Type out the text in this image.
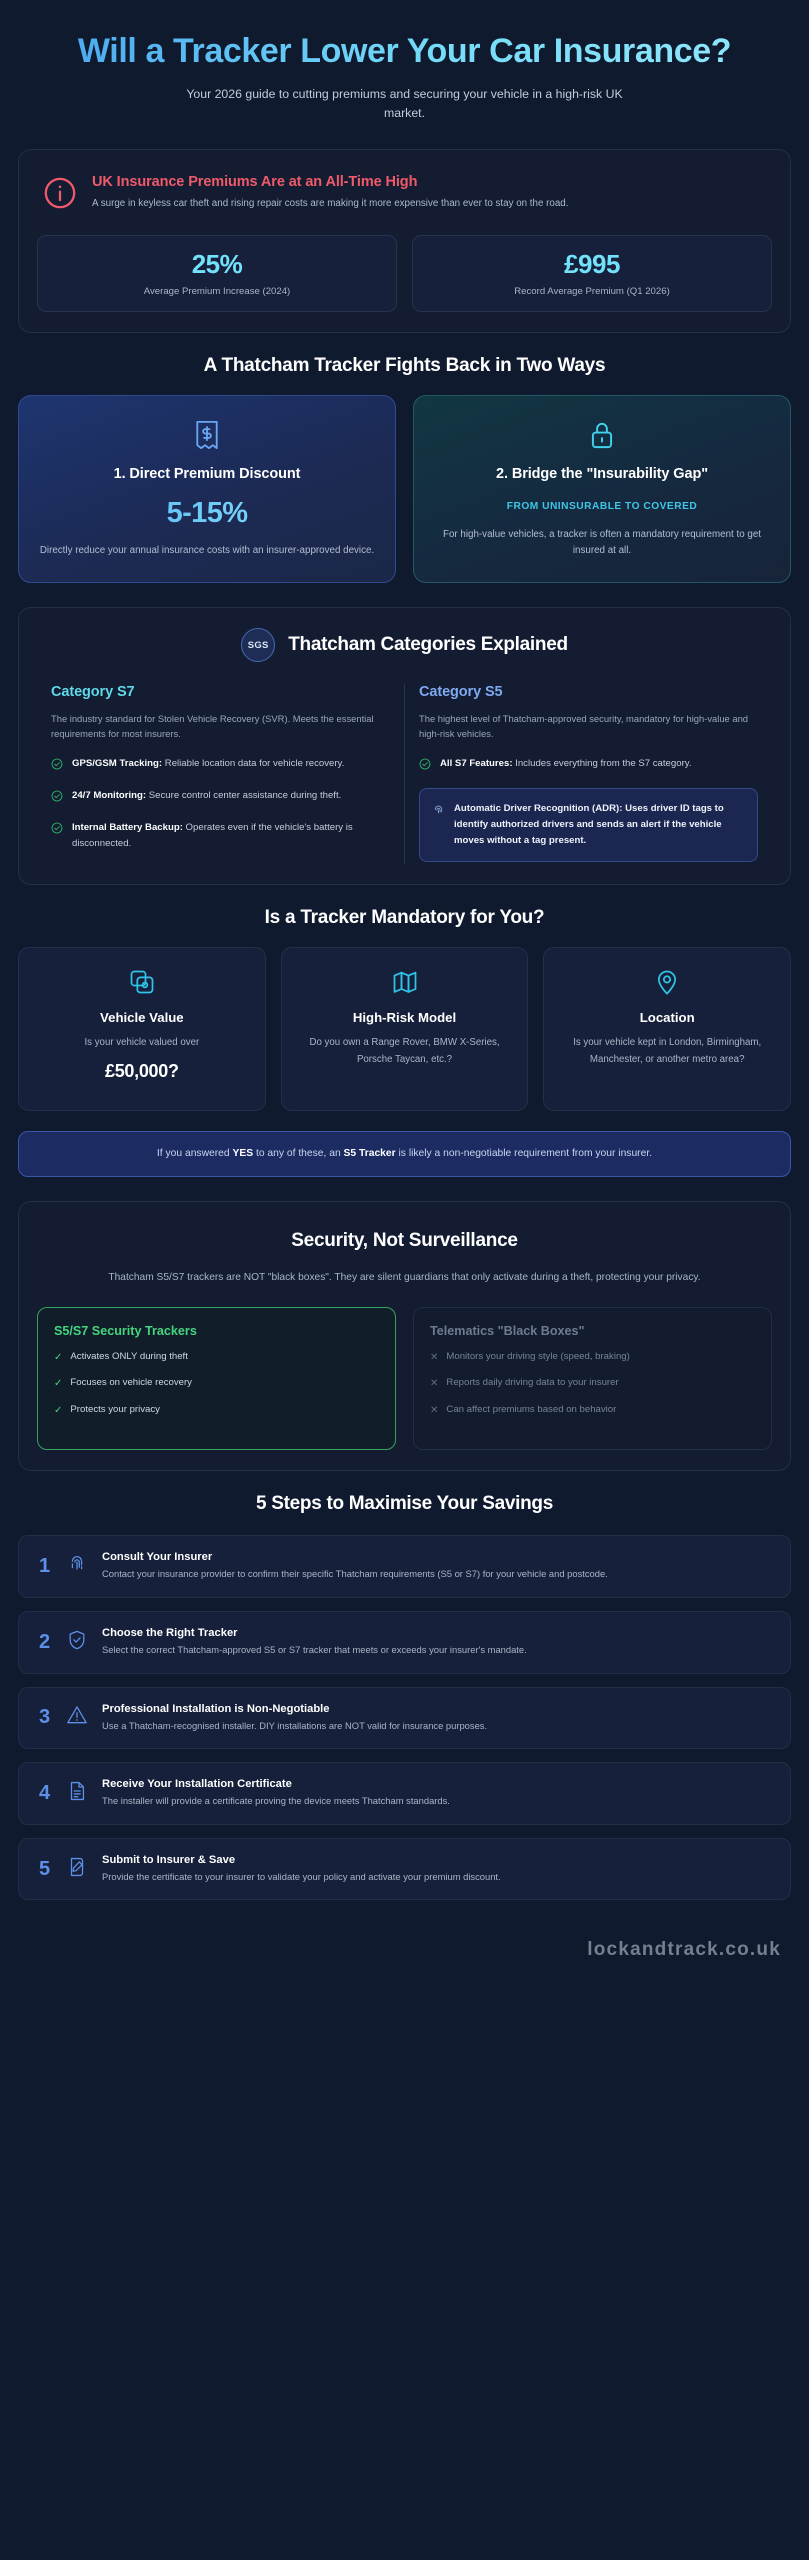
Will a Tracker Lower Your Car Insurance?

Your 2026 guide to cutting premiums and securing your vehicle in a high-risk UK market.

UK Insurance Premiums Are at an All-Time High
A surge in keyless car theft and rising repair costs are making it more expensive than ever to stay on the road.
25%
Average Premium Increase (2024)
£995
Record Average Premium (Q1 2026)
A Thatcham Tracker Fights Back in Two Ways
1. Direct Premium Discount
5-15%
Directly reduce your annual insurance costs with an insurer-approved device.
2. Bridge the "Insurability Gap"
FROM UNINSURABLE TO COVERED
For high-value vehicles, a tracker is often a mandatory requirement to get insured at all.
SGS	Thatcham Categories Explained
Category S7
The industry standard for Stolen Vehicle Recovery (SVR). Meets the essential requirements for most insurers.
GPS/GSM Tracking: Reliable location data for vehicle recovery.
24/7 Monitoring: Secure control center assistance during theft.
Internal Battery Backup: Operates even if the vehicle's battery is disconnected.
Category S5
The highest level of Thatcham-approved security, mandatory for high-value and high-risk vehicles.
All S7 Features: Includes everything from the S7 category.
Automatic Driver Recognition (ADR): Uses driver ID tags to identify authorized drivers and sends an alert if the vehicle moves without a tag present.
Is a Tracker Mandatory for You?
Vehicle Value

Is your vehicle valued over
£50,000?

High-Risk Model

Do you own a Range Rover, BMW X-Series, Porsche Taycan, etc.?

Location

Is your vehicle kept in London, Birmingham, Manchester, or another metro area?

If you answered YES to any of these, an S5 Tracker is likely a non-negotiable requirement from your insurer.
Security, Not Surveillance
Thatcham S5/S7 trackers are NOT "black boxes". They are silent guardians that only activate during a theft, protecting your privacy.
S5/S7 Security Trackers
✓ Activates ONLY during theft
✓ Focuses on vehicle recovery
✓ Protects your privacy
Telematics "Black Boxes"
✕ Monitors your driving style (speed, braking)
✕ Reports daily driving data to your insurer
✕ Can affect premiums based on behavior
5 Steps to Maximise Your Savings
1	Consult Your Insurer

Contact your insurance provider to confirm their specific Thatcham requirements (S5 or S7) for your vehicle and postcode.

2	Choose the Right Tracker

Select the correct Thatcham-approved S5 or S7 tracker that meets or exceeds your insurer's mandate.

3	Professional Installation is Non-Negotiable

Use a Thatcham-recognised installer. DIY installations are NOT valid for insurance purposes.

4	Receive Your Installation Certificate

The installer will provide a certificate proving the device meets Thatcham standards.

5	Submit to Insurer & Save

Provide the certificate to your insurer to validate your policy and activate your premium discount.

lockandtrack.co.uk
